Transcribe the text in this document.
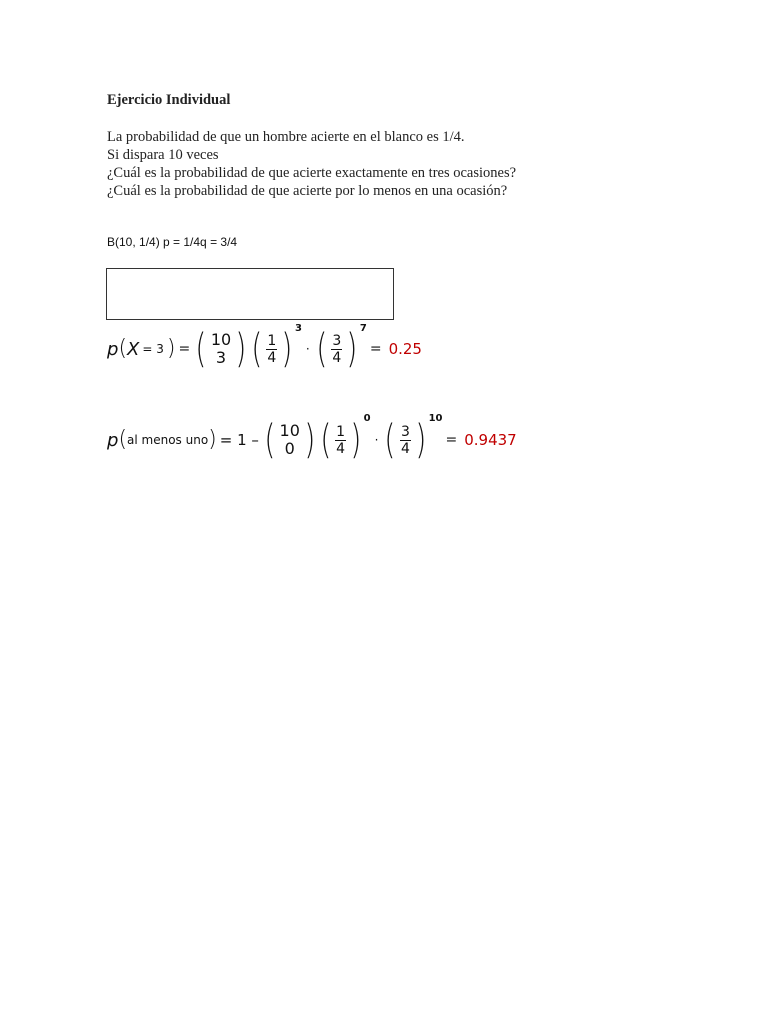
Ejercicio Individual
La probabilidad de que un hombre acierte en el blanco es 1/4.
Si dispara 10 veces
¿Cuál es la probabilidad de que acierte exactamente en tres ocasiones?
¿Cuál es la probabilidad de que acierte por lo menos en una ocasión?
B(10, 1/4) p = 1/4q = 3/4
p ( X = 3 ) = ( 10
3 ) ( $\frac{1}{4}$ ) 3
· ( $\frac{3}{4}$ ) 7
= 0.25
p ( al menos uno ) = 1 – ( 10
0 ) ( $\frac{1}{4}$ ) 0
· ( $\frac{3}{4}$ ) 10
= 0.9437
